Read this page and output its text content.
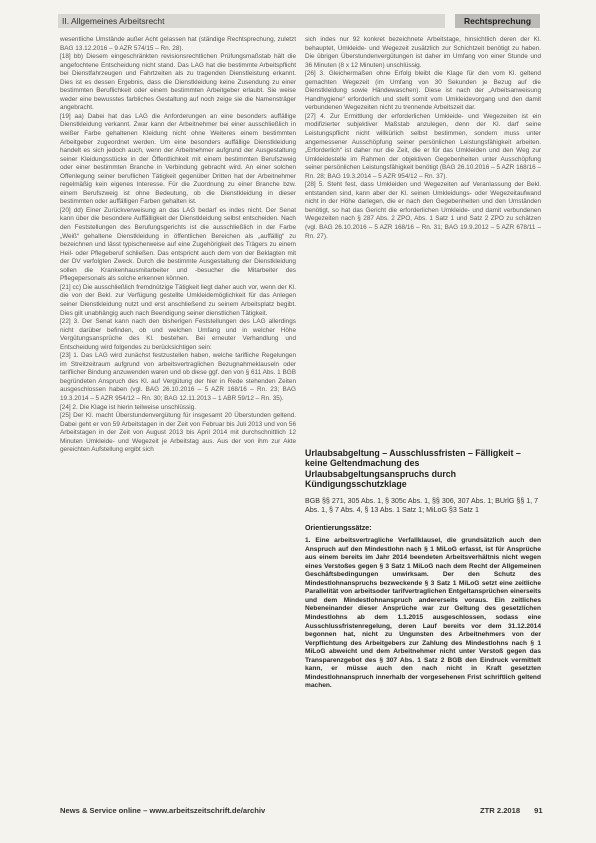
II. Allgemeines Arbeitsrecht	Rechtsprechung

wesentliche Umstände außer Acht gelassen hat (ständige Rechtsprechung, zuletzt BAG 13.12.2016 – 9 AZR 574/15 – Rn. 28).

[18] bb) Diesem eingeschränkten revisionsrechtlichen Prüfungsmaßstab hält die angefochtene Entscheidung nicht stand. Das LAG hat die bestimmte Arbeitspflicht bei Dienstfahrzeugen und Fahrtzeiten als zu tragenden Dienstleistung erkannt. Dies ist es dessen Ergebnis, dass die Dienstkleidung keine Zusendung zu einer bestimmten Beruflichkeit oder einem bestimmten Arbeitgeber erlaubt. Sie weise weder eine bewusstes farbliches Gestaltung auf noch zeige sie die Namensträger angebracht.

[19] aa) Dabei hat das LAG die Anforderungen an eine besonders auffällige Dienstkleidung verkannt. Zwar kann der Arbeitnehmer bei einer ausschließlich in weißer Farbe gehaltenen Kleidung nicht ohne Weiteres einem bestimmten Arbeitgeber zugeordnet werden. Um eine besonders auffällige Dienstkleidung handelt es sich jedoch auch, wenn der Arbeitnehmer aufgrund der Ausgestaltung seiner Kleidungsstücke in der Öffentlichkeit mit einem bestimmten Berufszweig oder einer bestimmten Branche in Verbindung gebracht wird. An einer solchen Offenlegung seiner beruflichen Tätigkeit gegenüber Dritten hat der Arbeitnehmer regelmäßig kein eigenes Interesse. Für die Zuordnung zu einer Branche bzw. einem Berufszweig ist ohne Bedeutung, ob die Dienstkleidung in dieser bestimmten oder auffälligen Farben gehalten ist.

[20] dd) Einer Zurückverweisung an das LAG bedarf es indes nicht. Der Senat kann über die besondere Auffälligkeit der Dienstkleidung selbst entscheiden. Nach den Feststellungen des Berufungsgerichts ist die ausschließlich in der Farbe „Weiß“ gehaltene Dienstkleidung in öffentlichen Bereichen als „auffällig“ zu bezeichnen und lässt typischerweise auf eine Zugehörigkeit des Trägers zu einem Heil- oder Pflegeberuf schließen. Das entspricht auch dem von der Beklagten mit der DV verfolgten Zweck. Durch die bestimmte Ausgestaltung der Dienstkleidung sollen die Krankenhausmitarbeiter und -besucher die Mitarbeiter des Pflegepersonals als solche erkennen können.

[21] cc) Die ausschließlich fremdnützige Tätigkeit liegt daher auch vor, wenn der Kl. die von der Bekl. zur Verfügung gestellte Umkleidemöglichkeit für das Anlegen seiner Dienstkleidung nutzt und erst anschließend zu seinem Arbeitsplatz begibt. Dies gilt unabhängig auch nach Beendigung seiner dienstlichen Tätigkeit.

[22] 3. Der Senat kann nach den bisherigen Feststellungen des LAG allerdings nicht darüber befinden, ob und welchen Umfang und in welcher Höhe Vergütungsansprüche des Kl. bestehen. Bei erneuter Verhandlung und Entscheidung wird folgendes zu berücksichtigen sein:

[23] 1. Das LAG wird zunächst festzustellen haben, welche tarifliche Regelungen im Streitzeitraum aufgrund von arbeitsvertraglichen Bezugnahmeklauseln oder tariflicher Bindung anzuwenden waren und ob diese ggf. den von § 611 Abs. 1 BGB begründeten Anspruch des Kl. auf Vergütung der hier in Rede stehenden Zeiten ausgeschlossen haben (vgl. BAG 26.10.2016 – 5 AZR 168/16 – Rn. 23; BAG 19.3.2014 – 5 AZR 954/12 – Rn. 30; BAG 12.11.2013 – 1 ABR 59/12 – Rn. 35).

[24] 2. Die Klage ist hierin teilweise unschlüssig.

[25] Der Kl. macht Überstundenvergütung für insgesamt 20 Überstunden geltend. Dabei geht er von 59 Arbeitstagen in der Zeit von Februar bis Juli 2013 und von 56 Arbeitstagen in der Zeit von August 2013 bis April 2014 mit durchschnittlich 12 Minuten Umkleide- und Wegezeit je Arbeitstag aus. Aus der von ihm zur Akte gereichten Aufstellung ergibt sich

sich indes nur 92 konkret bezeichnete Arbeitstage, hinsichtlich deren der Kl. behauptet, Umkleide- und Wegezeit zusätzlich zur Schichtzeit benötigt zu haben. Die übrigen Überstundenvergütungen ist daher im Umfang von einer Stunde und 36 Minuten (8 x 12 Minuten) unschlüssig.

[26] 3. Gleichermaßen ohne Erfolg bleibt die Klage für den vom Kl. geltend gemachten Wegezeit (im Umfang von 30 Sekunden je Bezug auf die Dienstkleidung sowie Händewaschen). Diese ist nach der „Arbeitsanweisung Handhygiene“ erforderlich und stellt somit vom Umkleidevorgang und den damit verbundenen Wegezeiten nicht zu trennende Arbeitszeit dar.

[27] 4. Zur Ermittlung der erforderlichen Umkleide- und Wegezeiten ist ein modifizierter subjektiver Maßstab anzulegen, denn der Kl. darf seine Leistungspflicht nicht willkürlich selbst bestimmen, sondern muss unter angemessener Ausschöpfung seiner persönlichen Leistungsfähigkeit arbeiten. „Erforderlich“ ist daher nur die Zeit, die er für das Umkleiden und den Weg zur Umkleidestelle im Rahmen der objektiven Gegebenheiten unter Ausschöpfung seiner persönlichen Leistungsfähigkeit benötigt (BAG 26.10.2016 – 5 AZR 168/16 – Rn. 28; BAG 19.3.2014 – 5 AZR 954/12 – Rn. 37).

[28] 5. Steht fest, dass Umkleiden und Wegezeiten auf Veranlassung der Bekl. entstanden sind, kann aber der Kl. seinen Umkleidungs- oder Wegezeitaufwand nicht in der Höhe darlegen, die er nach den Gegebenheiten und den Umständen benötigt, so hat das Gericht die erforderlichen Umkleide- und damit verbundenen Wegezeiten nach § 287 Abs. 2 ZPO, Abs. 1 Satz 1 und Satz 2 ZPO zu schätzen (vgl. BAG 26.10.2016 – 5 AZR 168/16 – Rn. 31; BAG 19.9.2012 – 5 AZR 678/11 – Rn. 27).

Urlaubsabgeltung – Ausschlussfristen – Fälligkeit – keine Geltendmachung des Urlaubsabgeltungsanspruchs durch Kündigungsschutzklage
BGB §§ 271, 305 Abs. 1, § 305c Abs. 1, §§ 306, 307 Abs. 1; BUrlG §§ 1, 7 Abs. 1, § 7 Abs. 4, § 13 Abs. 1 Satz 1; MiLoG §3 Satz 1
Orientierungssätze:

1. Eine arbeitsvertragliche Verfallklausel, die grundsätzlich auch den Anspruch auf den Mindestlohn nach § 1 MiLoG erfasst, ist für Ansprüche aus einem bereits im Jahr 2014 beendeten Arbeitsverhältnis nicht wegen eines Verstoßes gegen § 3 Satz 1 MiLoG nach dem Recht der Allgemeinen Geschäftsbedingungen unwirksam. Der den Schutz des Mindestlohnanspruchs bezweckende § 3 Satz 1 MiLoG setzt eine zeitliche Parallelität von arbeitsoder tarifvertraglichen Entgeltansprüchen einerseits und dem Mindestlohnanspruch andererseits voraus. Ein zeitliches Nebeneinander dieser Ansprüche war zur Geltung des gesetzlichen Mindestlohns ab dem 1.1.2015 ausgeschlossen, sodass eine Ausschlussfristenregelung, deren Lauf bereits vor dem 31.12.2014 begonnen hat, nicht zu Ungunsten des Arbeitnehmers von der Verpflichtung des Arbeitgebers zur Zahlung des Mindestlohns nach § 1 MiLoG abweicht und dem Arbeitnehmer nicht unter Verstoß gegen das Transparenzgebot des § 307 Abs. 1 Satz 2 BGB den Eindruck vermittelt kann, er müsse auch den nach nicht in Kraft gesetzten Mindestlohnanspruch innerhalb der vorgesehenen Frist schriftlich geltend machen.

News & Service online – www.arbeitszeitschrift.de/archiv	ZTR 2.2018 91
